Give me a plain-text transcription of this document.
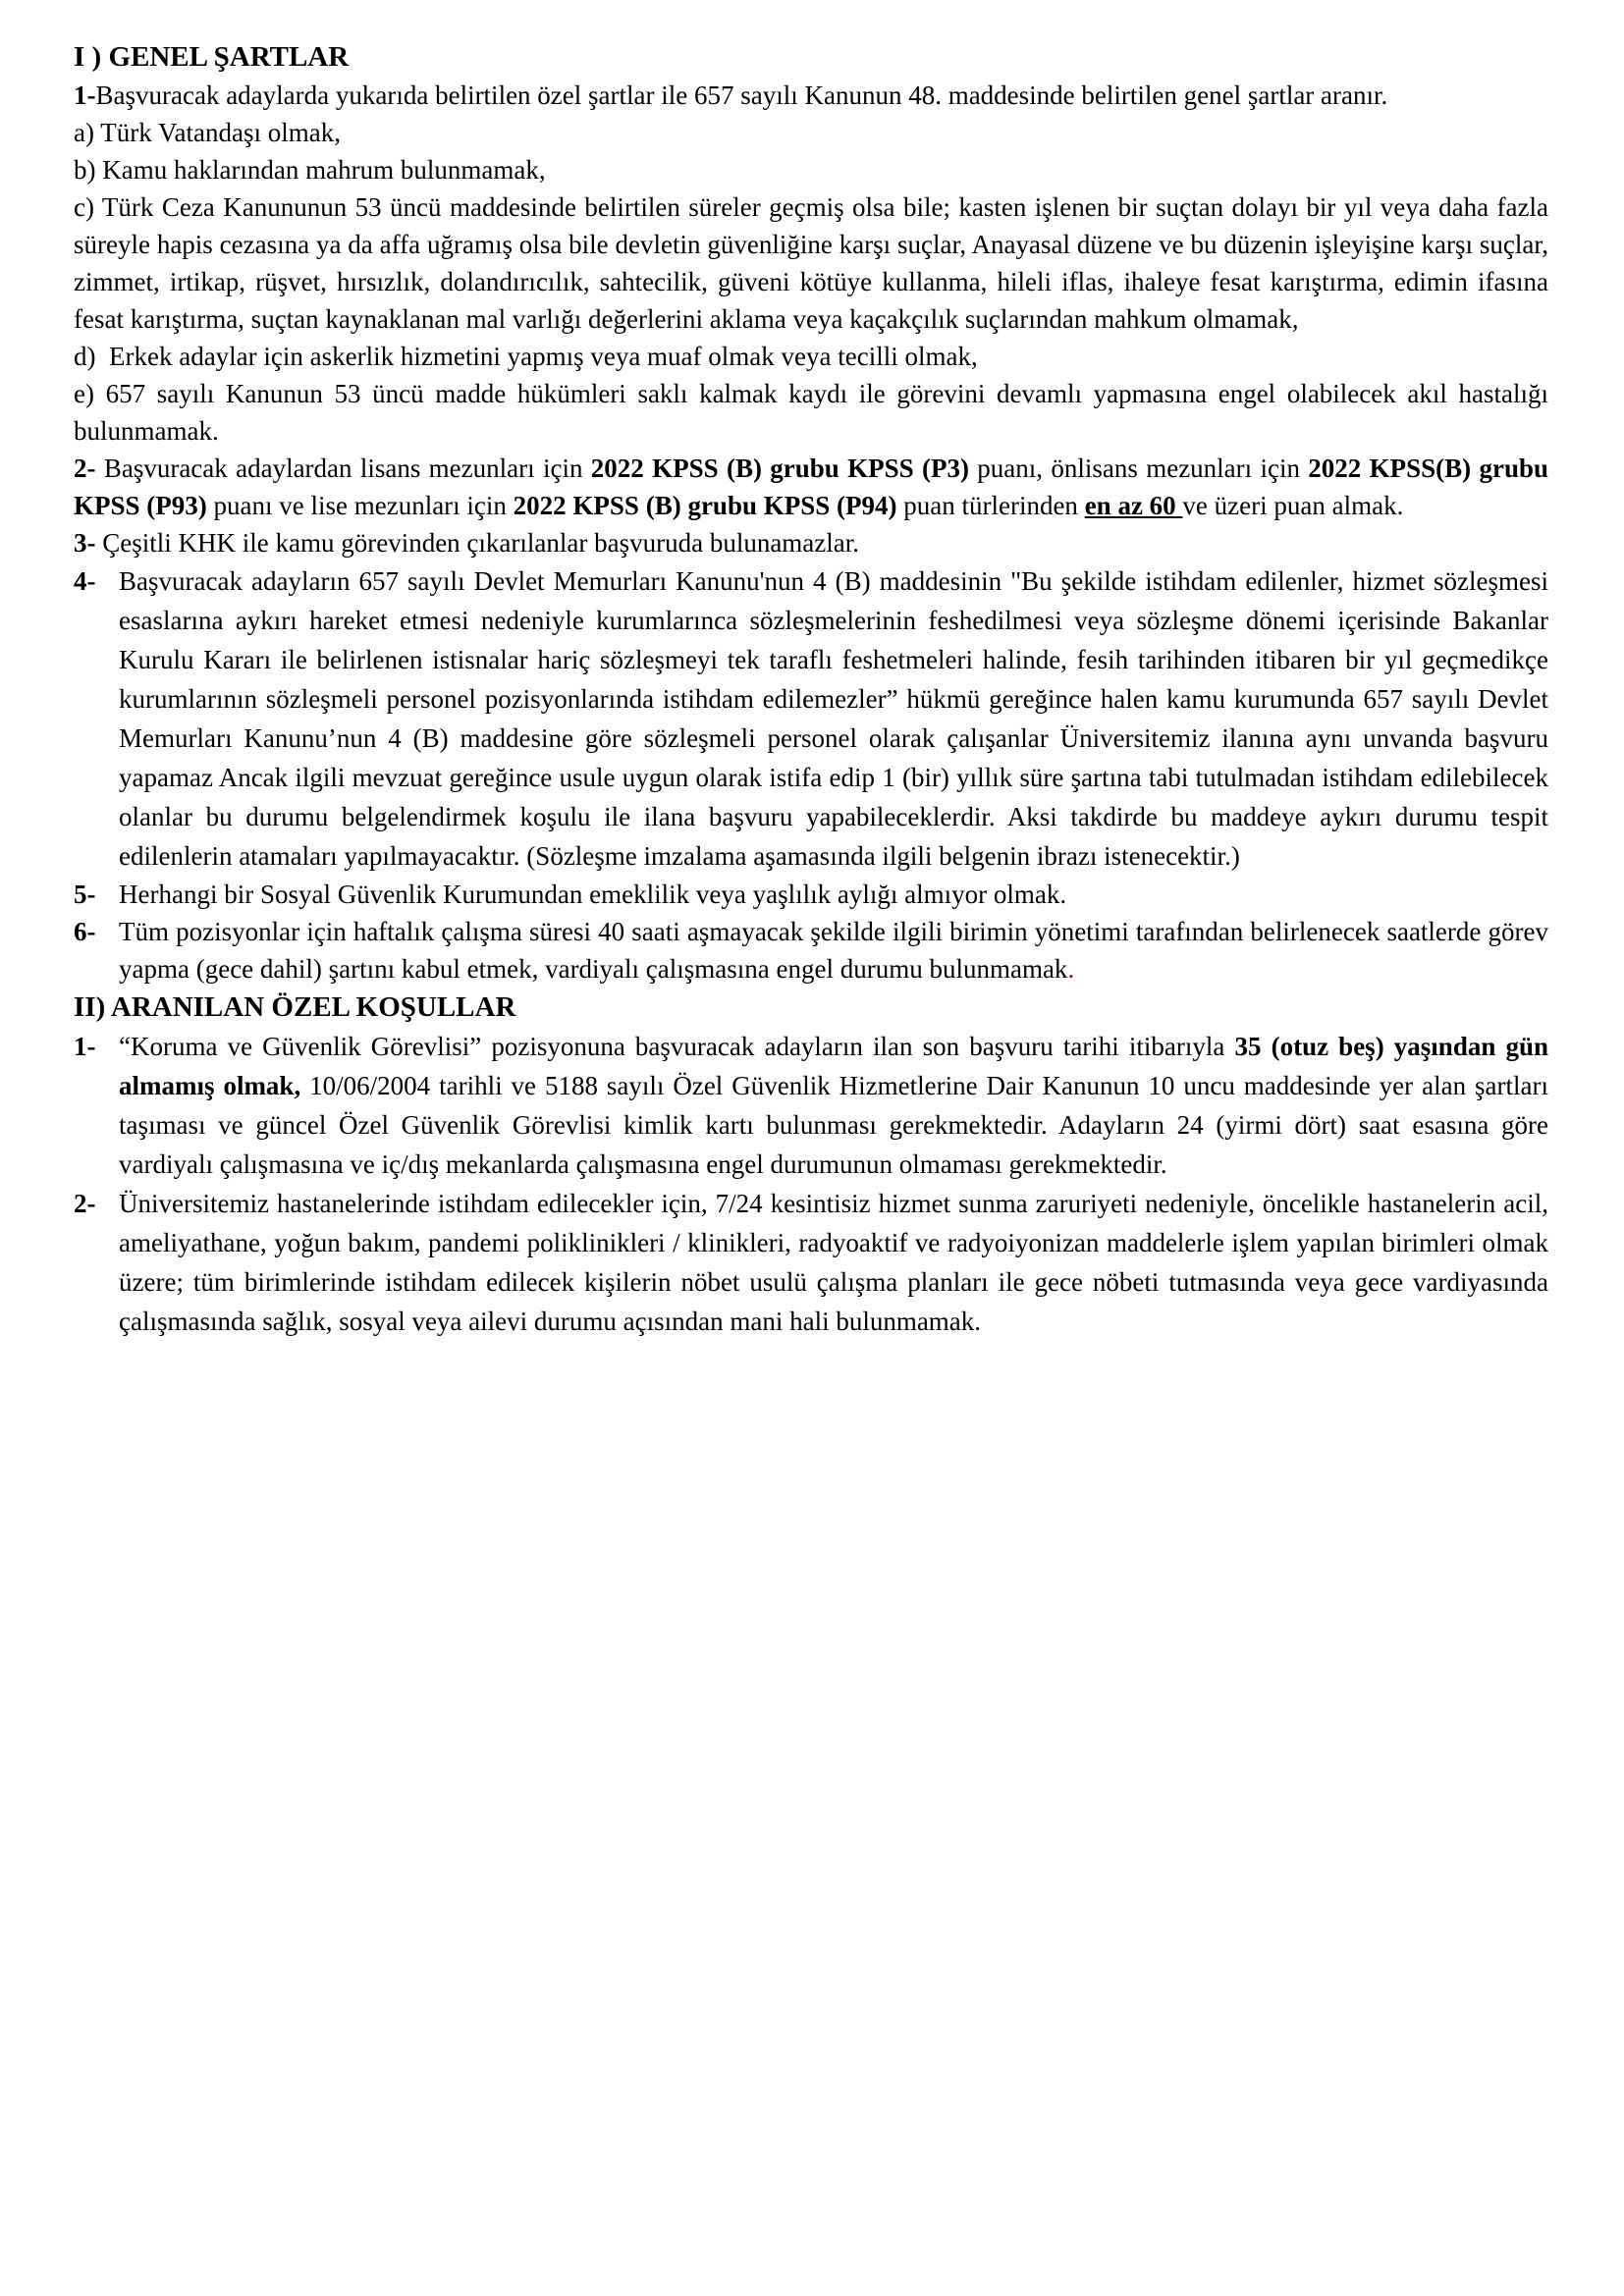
I ) GENEL ŞARTLAR

1-Başvuracak adaylarda yukarıda belirtilen özel şartlar ile 657 sayılı Kanunun 48. maddesinde belirtilen genel şartlar aranır.

a) Türk Vatandaşı olmak,

b) Kamu haklarından mahrum bulunmamak,

c) Türk Ceza Kanununun 53 üncü maddesinde belirtilen süreler geçmiş olsa bile; kasten işlenen bir suçtan dolayı bir yıl veya daha fazla süreyle hapis cezasına ya da affa uğramış olsa bile devletin güvenliğine karşı suçlar, Anayasal düzene ve bu düzenin işleyişine karşı suçlar, zimmet, irtikap, rüşvet, hırsızlık, dolandırıcılık, sahtecilik, güveni kötüye kullanma, hileli iflas, ihaleye fesat karıştırma, edimin ifasına fesat karıştırma, suçtan kaynaklanan mal varlığı değerlerini aklama veya kaçakçılık suçlarından mahkum olmamak,

d)  Erkek adaylar için askerlik hizmetini yapmış veya muaf olmak veya tecilli olmak,

e) 657 sayılı Kanunun 53 üncü madde hükümleri saklı kalmak kaydı ile görevini devamlı yapmasına engel olabilecek akıl hastalığı bulunmamak.

2- Başvuracak adaylardan lisans mezunları için 2022 KPSS (B) grubu KPSS (P3) puanı, önlisans mezunları için 2022 KPSS(B) grubu KPSS (P93) puanı ve lise mezunları için 2022 KPSS (B) grubu KPSS (P94) puan türlerinden en az 60 ve üzeri puan almak.

3- Çeşitli KHK ile kamu görevinden çıkarılanlar başvuruda bulunamazlar.

4- Başvuracak adayların 657 sayılı Devlet Memurları Kanunu'nun 4 (B) maddesinin "Bu şekilde istihdam edilenler, hizmet sözleşmesi esaslarına aykırı hareket etmesi nedeniyle kurumlarınca sözleşmelerinin feshedilmesi veya sözleşme dönemi içerisinde Bakanlar Kurulu Kararı ile belirlenen istisnalar hariç sözleşmeyi tek taraflı feshetmeleri halinde, fesih tarihinden itibaren bir yıl geçmedikçe kurumlarının sözleşmeli personel pozisyonlarında istihdam edilemezler” hükmü gereğince halen kamu kurumunda 657 sayılı Devlet Memurları Kanunu’nun 4 (B) maddesine göre sözleşmeli personel olarak çalışanlar Üniversitemiz ilanına aynı unvanda başvuru yapamaz Ancak ilgili mevzuat gereğince usule uygun olarak istifa edip 1 (bir) yıllık süre şartına tabi tutulmadan istihdam edilebilecek olanlar bu durumu belgelendirmek koşulu ile ilana başvuru yapabileceklerdir. Aksi takdirde bu maddeye aykırı durumu tespit edilenlerin atamaları yapılmayacaktır. (Sözleşme imzalama aşamasında ilgili belgenin ibrazı istenecektir.)

5- Herhangi bir Sosyal Güvenlik Kurumundan emeklilik veya yaşlılık aylığı almıyor olmak.

6- Tüm pozisyonlar için haftalık çalışma süresi 40 saati aşmayacak şekilde ilgili birimin yönetimi tarafından belirlenecek saatlerde görev yapma (gece dahil) şartını kabul etmek, vardiyalı çalışmasına engel durumu bulunmamak.

II) ARANILAN ÖZEL KOŞULLAR

1- “Koruma ve Güvenlik Görevlisi” pozisyonuna başvuracak adayların ilan son başvuru tarihi itibarıyla 35 (otuz beş) yaşından gün almamış olmak, 10/06/2004 tarihli ve 5188 sayılı Özel Güvenlik Hizmetlerine Dair Kanunun 10 uncu maddesinde yer alan şartları taşıması ve güncel Özel Güvenlik Görevlisi kimlik kartı bulunması gerekmektedir. Adayların 24 (yirmi dört) saat esasına göre vardiyalı çalışmasına ve iç/dış mekanlarda çalışmasına engel durumunun olmaması gerekmektedir.

2- Üniversitemiz hastanelerinde istihdam edilecekler için, 7/24 kesintisiz hizmet sunma zaruriyeti nedeniyle, öncelikle hastanelerin acil, ameliyathane, yoğun bakım, pandemi poliklinikleri / klinikleri, radyoaktif ve radyoiyonizan maddelerle işlem yapılan birimleri olmak üzere; tüm birimlerinde istihdam edilecek kişilerin nöbet usulü çalışma planları ile gece nöbeti tutmasında veya gece vardiyasında çalışmasında sağlık, sosyal veya ailevi durumu açısından mani hali bulunmamak.
